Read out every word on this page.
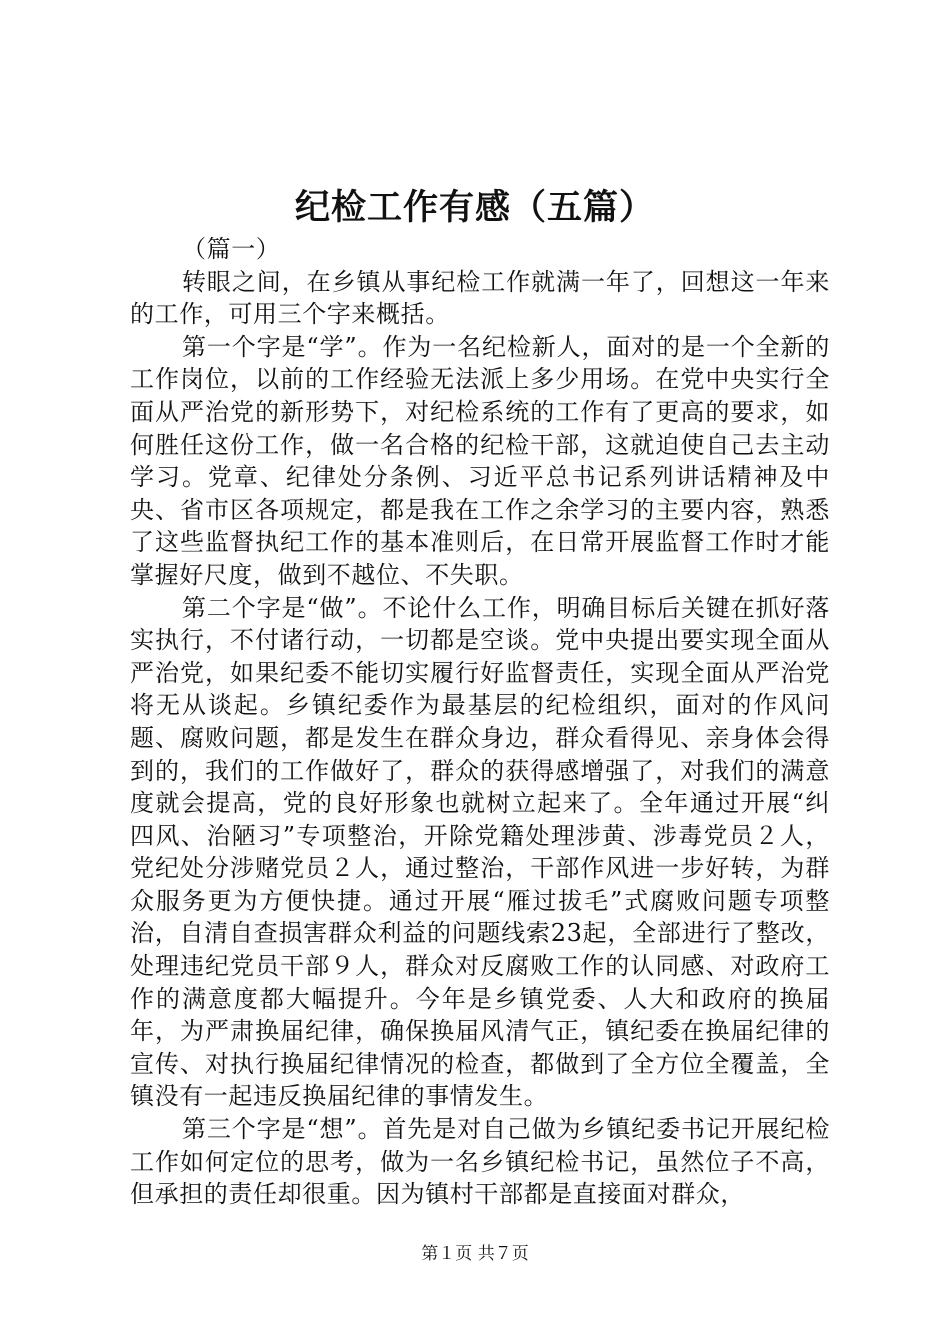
纪检工作有感（五篇）

（篇一）

转眼之间，在乡镇从事纪检工作就满一年了，回想这一年来的工作，可用三个字来概括。

第一个字是“学”。作为一名纪检新人，面对的是一个全新的工作岗位，以前的工作经验无法派上多少用场。在党中央实行全面从严治党的新形势下，对纪检系统的工作有了更高的要求，如何胜任这份工作，做一名合格的纪检干部，这就迫使自己去主动学习。党章、纪律处分条例、习近平总书记系列讲话精神及中央、省市区各项规定，都是我在工作之余学习的主要内容，熟悉了这些监督执纪工作的基本准则后，在日常开展监督工作时才能掌握好尺度，做到不越位、不失职。

第二个字是“做”。不论什么工作，明确目标后关键在抓好落实执行，不付诸行动，一切都是空谈。党中央提出要实现全面从严治党，如果纪委不能切实履行好监督责任，实现全面从严治党将无从谈起。乡镇纪委作为最基层的纪检组织，面对的作风问题、腐败问题，都是发生在群众身边，群众看得见、亲身体会得到的，我们的工作做好了，群众的获得感增强了，对我们的满意度就会提高，党的良好形象也就树立起来了。全年通过开展“纠四风、治陋习”专项整治，开除党籍处理涉黄、涉毒党员２人，党纪处分涉赌党员２人，通过整治，干部作风进一步好转，为群众服务更为方便快捷。通过开展“雁过拔毛”式腐败问题专项整治，自清自查损害群众利益的问题线索23起，全部进行了整改，处理违纪党员干部９人，群众对反腐败工作的认同感、对政府工作的满意度都大幅提升。今年是乡镇党委、人大和政府的换届年，为严肃换届纪律，确保换届风清气正，镇纪委在换届纪律的宣传、对执行换届纪律情况的检查，都做到了全方位全覆盖，全镇没有一起违反换届纪律的事情发生。

第三个字是“想”。首先是对自己做为乡镇纪委书记开展纪检工作如何定位的思考，做为一名乡镇纪检书记，虽然位子不高，但承担的责任却很重。因为镇村干部都是直接面对群众，

第１页 共７页
